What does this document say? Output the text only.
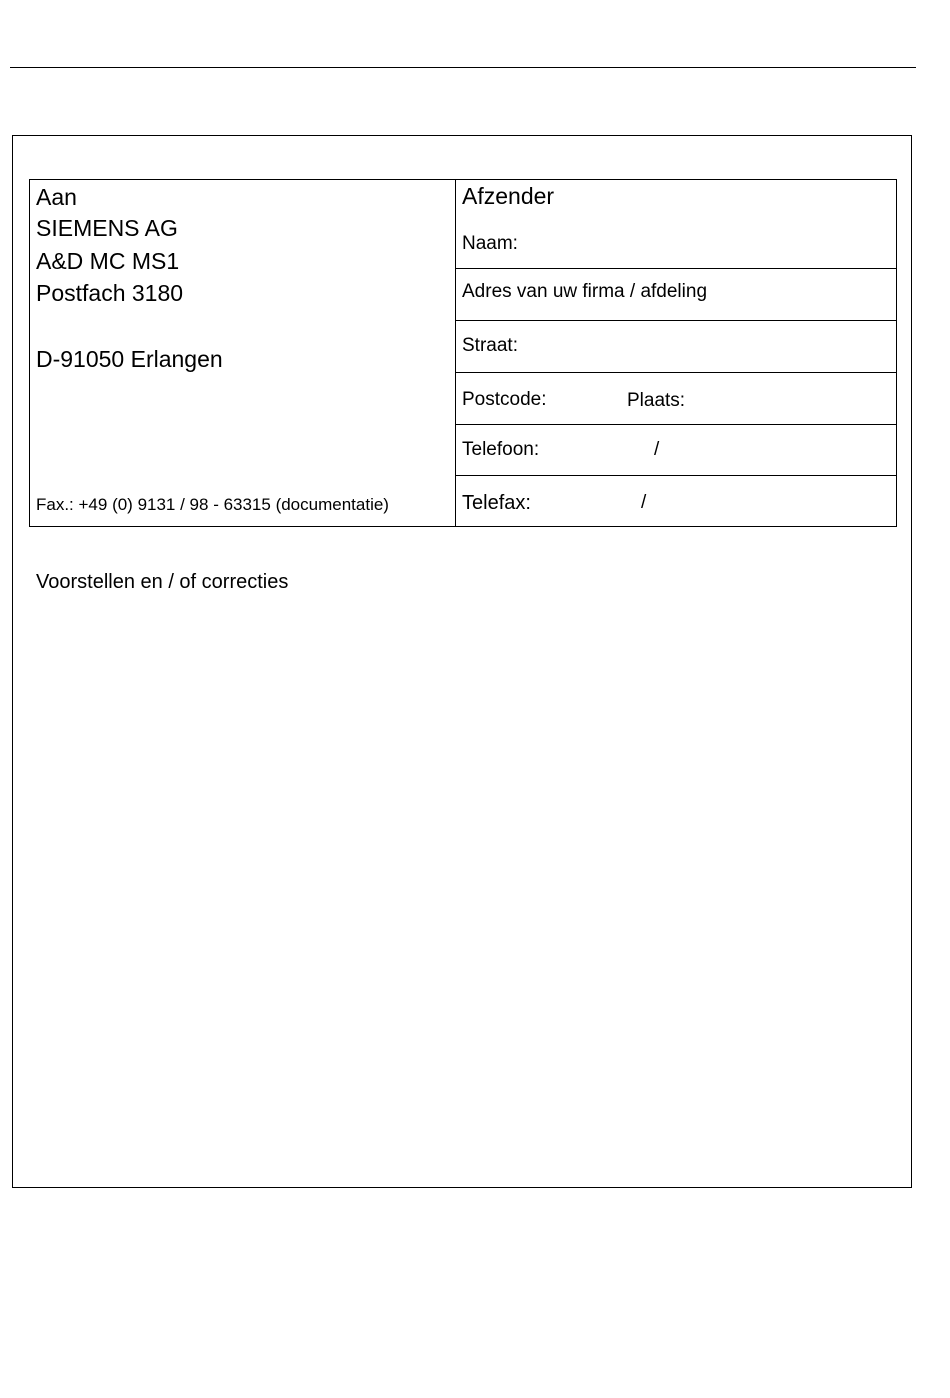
Aan
SIEMENS AG
A&D MC MS1
Postfach 3180
D-91050 Erlangen
Fax.: +49 (0) 9131 / 98 - 63315 (documentatie)
Afzender
Naam:
Adres van uw firma / afdeling
Straat:
Postcode:	Plaats:
Telefoon:	/
Telefax:	/
Voorstellen en / of correcties
